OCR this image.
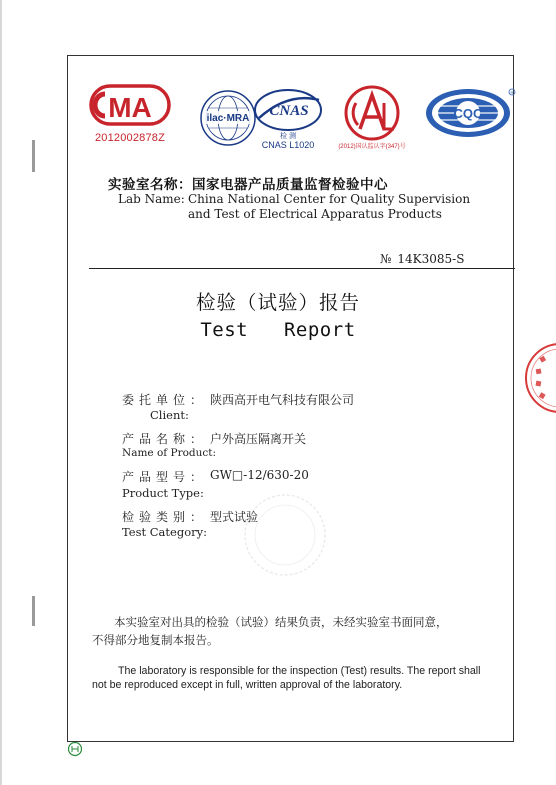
MA
2012002878Z
ilac·MRA CNAS
检 测
CNAS L1020	(2012)国认监认字(347)号
CQC
R
实验室名称：国家电器产品质量监督检验中心
Lab Name: China National Center for Quality Supervision
and Test of Electrical Apparatus Products
№ 14K3085-S
检验（试验）报告
Test  Report
委托单位： 陕西高开电气科技有限公司
Client:
产品名称： 户外高压隔离开关
Name of Product:
产品型号： GW□-12/630-20
Product Type:
检验类别： 型式试验
Test Category:
本实验室对出具的检验（试验）结果负责，未经实验室书面同意，
不得部分地复制本报告。
The laboratory is responsible for the inspection (Test) results. The report shall
not be reproduced except in full, written approval of the laboratory.
